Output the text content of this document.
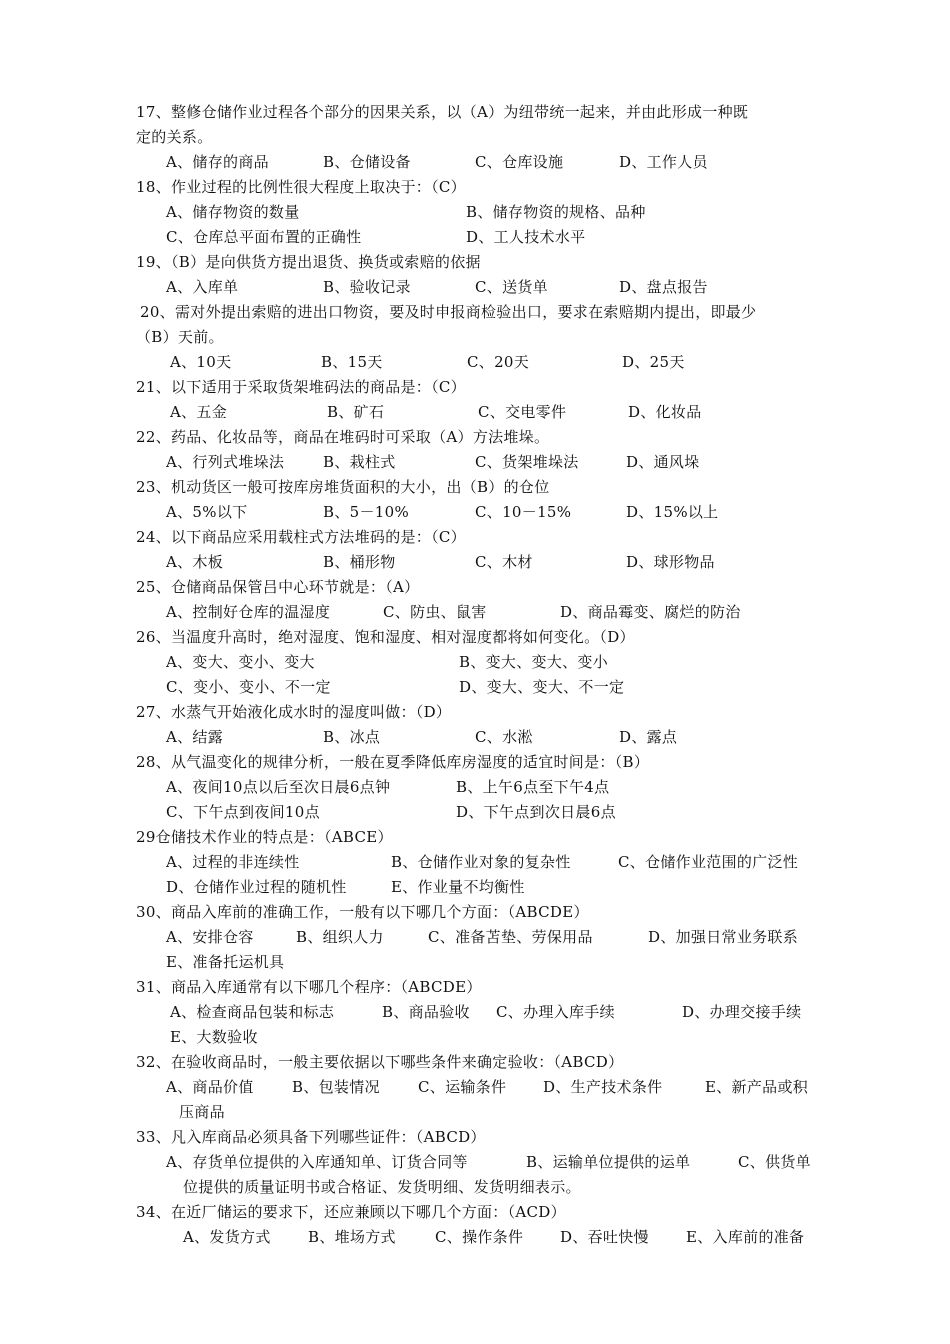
17、整修仓储作业过程各个部分的因果关系，以（A）为纽带统一起来，并由此形成一种既
定的关系。
A、储存的商品	B、仓储设备	C、仓库设施	D、工作人员
18、作业过程的比例性很大程度上取决于：（C）
A、储存物资的数量	B、储存物资的规格、品种
C、仓库总平面布置的正确性	D、工人技术水平
19、（B）是向供货方提出退货、换货或索赔的依据
A、入库单	B、验收记录	C、送货单	D、盘点报告
20、需对外提出索赔的进出口物资，要及时申报商检验出口，要求在索赔期内提出，即最少
（B）天前。
A、10天	B、15天	C、20天	D、25天
21、以下适用于采取货架堆码法的商品是：（C）
A、五金	B、矿石	C、交电零件	D、化妆品
22、药品、化妆品等，商品在堆码时可采取（A）方法堆垛。
A、行列式堆垛法	B、栽柱式	C、货架堆垛法	D、通风垛
23、机动货区一般可按库房堆货面积的大小，出（B）的仓位
A、5%以下	B、5－10%	C、10－15%	D、15%以上
24、以下商品应采用载柱式方法堆码的是：（C）
A、木板	B、桶形物	C、木材	D、球形物品
25、仓储商品保管吕中心环节就是：（A）
A、控制好仓库的温湿度	C、防虫、鼠害	D、商品霉变、腐烂的防治
26、当温度升高时，绝对湿度、饱和湿度、相对湿度都将如何变化。（D）
A、变大、变小、变大	B、变大、变大、变小
C、变小、变小、不一定	D、变大、变大、不一定
27、水蒸气开始液化成水时的湿度叫做：（D）
A、结露	B、冰点	C、水淞	D、露点
28、从气温变化的规律分析，一般在夏季降低库房湿度的适宜时间是：（B）
A、夜间10点以后至次日晨6点钟	B、上午6点至下午4点
C、下午点到夜间10点	D、下午点到次日晨6点
29仓储技术作业的特点是：（ABCE）
A、过程的非连续性	B、仓储作业对象的复杂性	C、仓储作业范围的广泛性
D、仓储作业过程的随机性	E、作业量不均衡性
30、商品入库前的准确工作，一般有以下哪几个方面：（ABCDE）
A、安排仓容	B、组织人力	C、准备苫垫、劳保用品	D、加强日常业务联系
E、准备托运机具
31、商品入库通常有以下哪几个程序：（ABCDE）
A、检查商品包装和标志	B、商品验收 C、办理入库手续	D、办理交接手续
E、大数验收
32、在验收商品时，一般主要依据以下哪些条件来确定验收：（ABCD）
A、商品价值	B、包装情况	C、运输条件 D、生产技术条件	E、新产品或积
压商品
33、凡入库商品必须具备下列哪些证件：（ABCD）
A、存货单位提供的入库通知单、订货合同等	B、运输单位提供的运单	C、供货单
位提供的质量证明书或合格证、发货明细、发货明细表示。
34、在近厂储运的要求下，还应兼顾以下哪几个方面：（ACD）
A、发货方式 B、堆场方式	C、操作条件 D、吞吐快慢 E、入库前的准备
